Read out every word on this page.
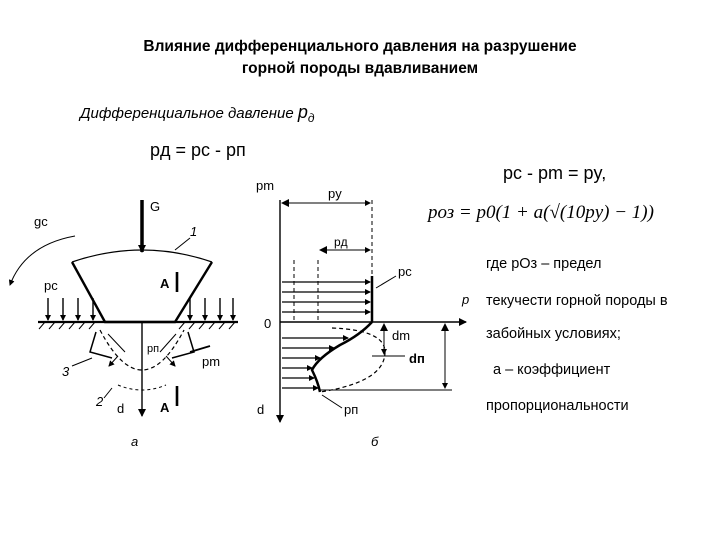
Влияние дифференциального давления на разрушение
горной породы вдавливанием
Дифференциальное давление $p_д$
pд = pc - pп
pc - pm = py,
pоз = p0(1 + a(√(10py) − 1))
где pОз – предел
текучести горной породы в
забойных условиях;
а – коэффициент
пропорциональности
gc
pc
G
1
A
A
3
2 d
pп
pm
а
pm
py
pд
pc
p
0
dm
dп
d	pп
б
